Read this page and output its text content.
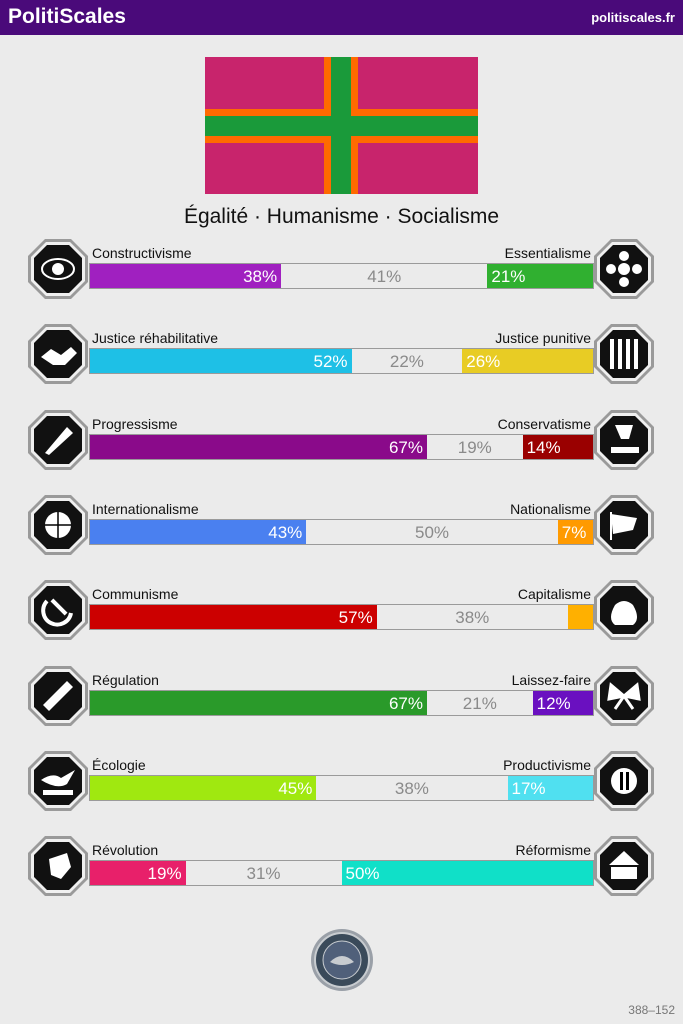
PolitiScales	politiscales.fr
Égalité · Humanisme · Socialisme
Constructivisme	Essentialisme
38%	41%	21%
Justice réhabilitative	Justice punitive
52%	22%	26%
Progressisme	Conservatisme
67%	19%	14%
Internationalisme	Nationalisme
43%	50%	7%
Communisme	Capitalisme
57%	38%
Régulation	Laissez-faire
67%	21%	12%
Écologie	Productivisme
45%	38%	17%
Révolution	Réformisme
19%	31%	50%
388–152
